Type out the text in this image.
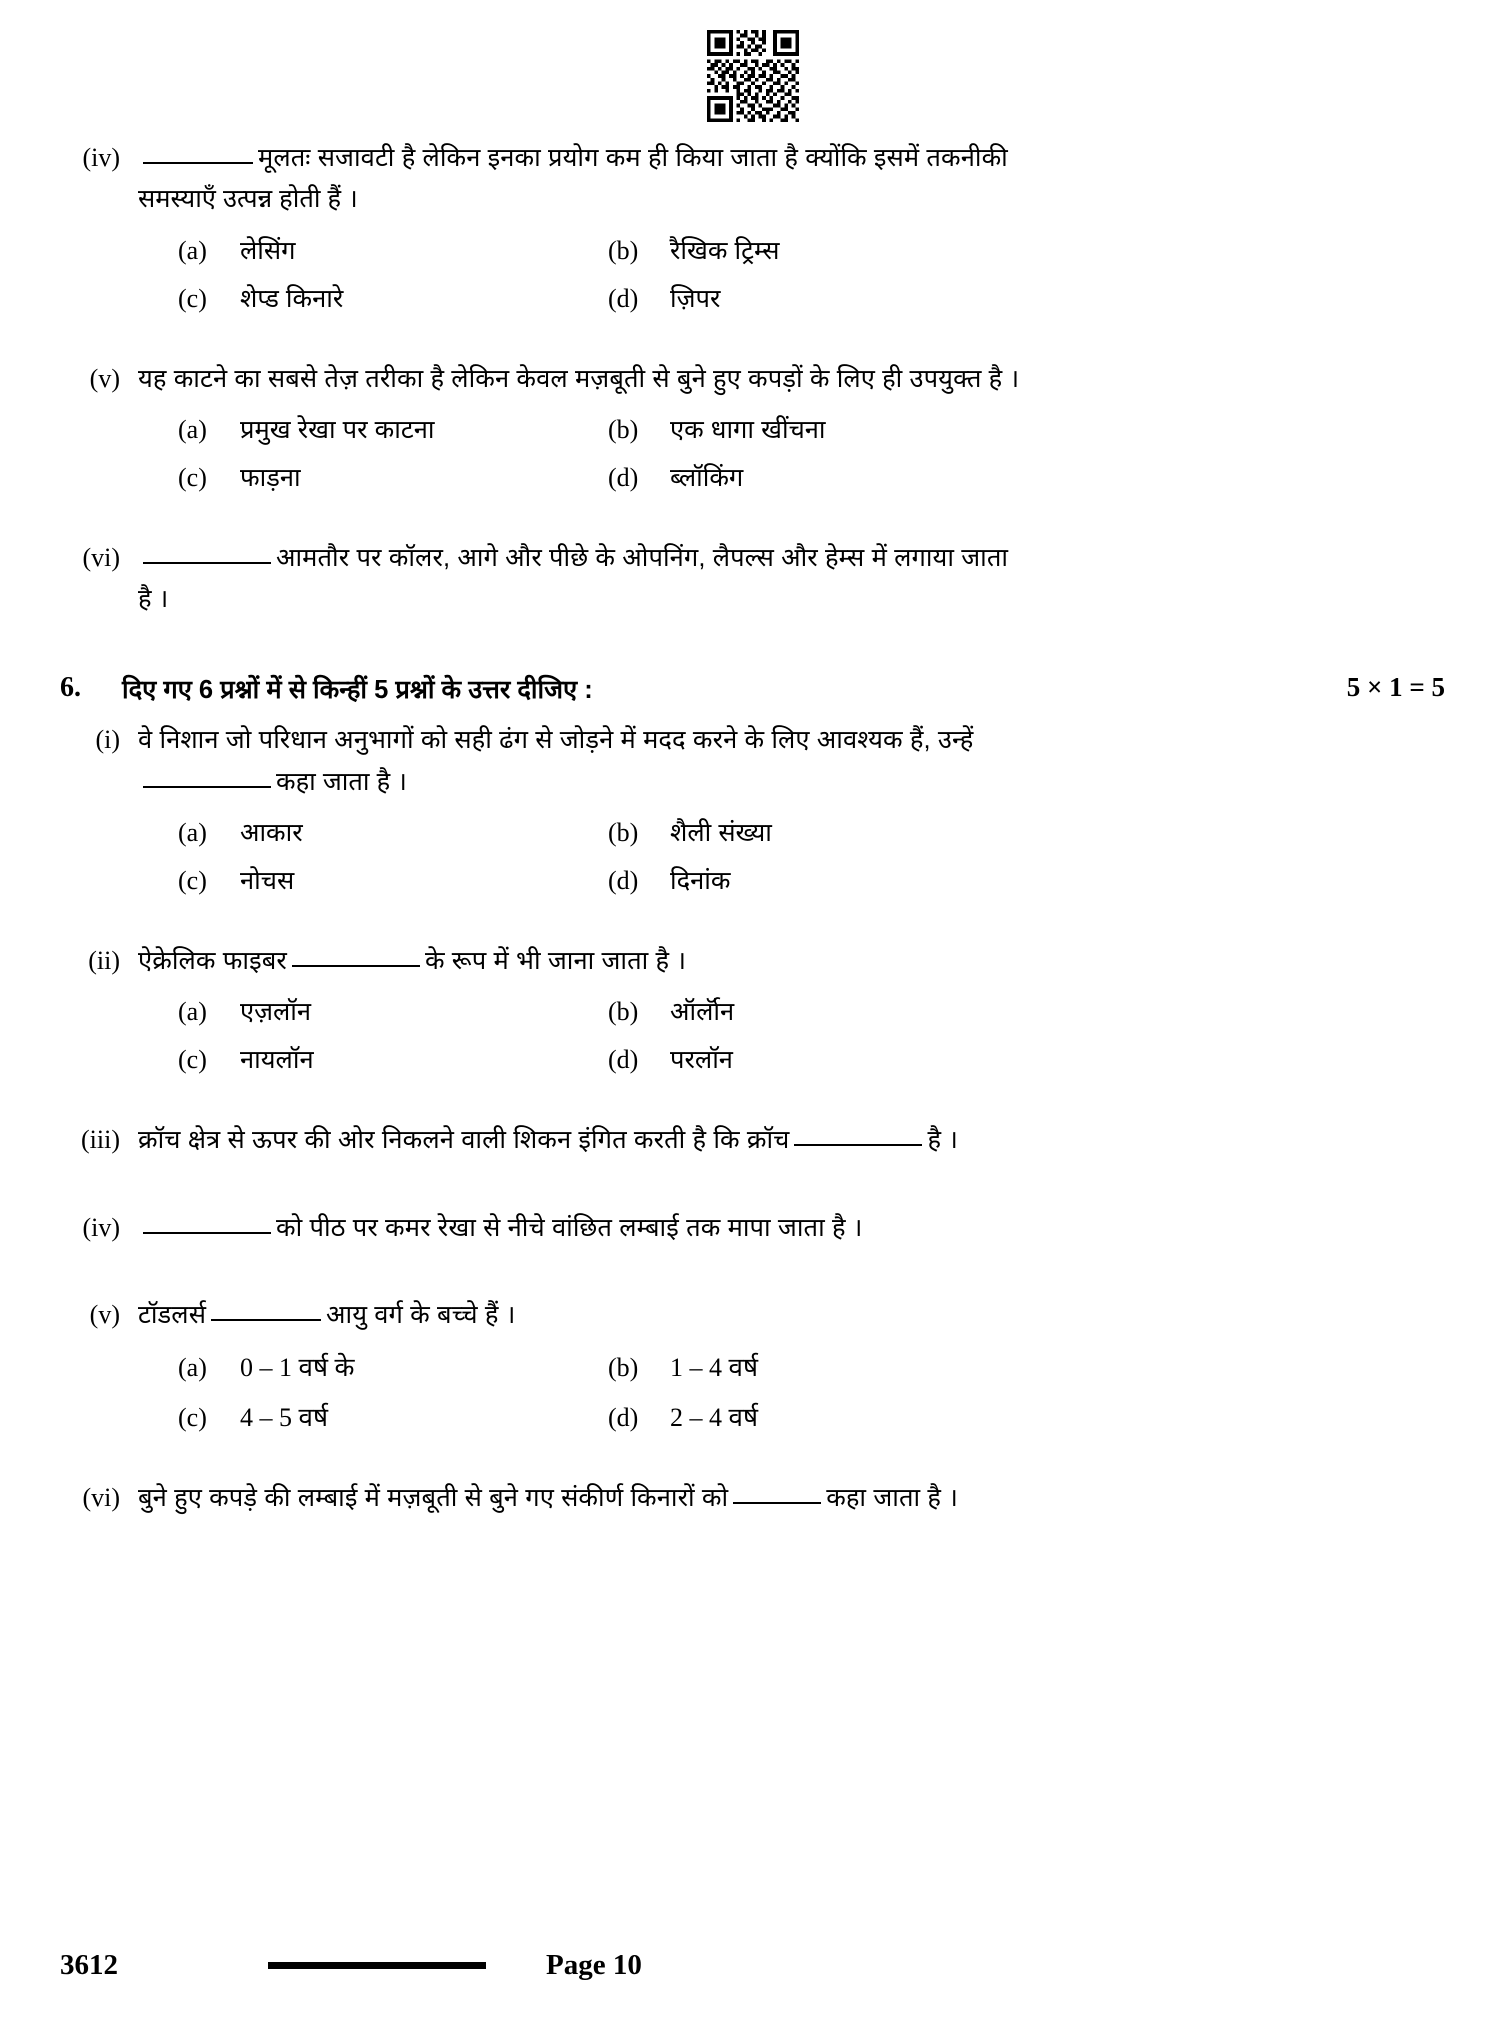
(iv)	मूलतः सजावटी है लेकिन इनका प्रयोग कम ही किया जाता है क्योंकि इसमें तकनीकी
समस्याएँ उत्पन्न होती हैं ।
(a)	लेसिंग	(b)	रैखिक ट्रिम्स
(c)	शेप्ड किनारे	(d)	ज़िपर
(v) यह काटने का सबसे तेज़ तरीका है लेकिन केवल मज़बूती से बुने हुए कपड़ों के लिए ही उपयुक्त है ।
(a)	प्रमुख रेखा पर काटना	(b)	एक धागा खींचना
(c)	फाड़ना	(d)	ब्लॉकिंग
(vi)	आमतौर पर कॉलर, आगे और पीछे के ओपनिंग, लैपल्स और हेम्स में लगाया जाता
है ।
6.	दिए गए 6 प्रश्नों में से किन्हीं 5 प्रश्नों के उत्तर दीजिए :	5 × 1 = 5
(i) वे निशान जो परिधान अनुभागों को सही ढंग से जोड़ने में मदद करने के लिए आवश्यक हैं, उन्हें
कहा जाता है ।
(a)	आकार	(b)	शैली संख्या
(c)	नोचस	(d)	दिनांक
(ii) ऐक्रेलिक फाइबर	के रूप में भी जाना जाता है ।
(a)	एज़लॉन	(b)	ऑर्लॉन
(c)	नायलॉन	(d)	परलॉन
(iii) क्रॉच क्षेत्र से ऊपर की ओर निकलने वाली शिकन इंगित करती है कि क्रॉच	है ।
(iv)	को पीठ पर कमर रेखा से नीचे वांछित लम्बाई तक मापा जाता है ।
(v) टॉडलर्स	आयु वर्ग के बच्चे हैं ।
(a)	0 – 1 वर्ष के	(b)	1 – 4 वर्ष
(c)	4 – 5 वर्ष	(d)	2 – 4 वर्ष
(vi) बुने हुए कपड़े की लम्बाई में मज़बूती से बुने गए संकीर्ण किनारों को	कहा जाता है ।
3612	Page 10
